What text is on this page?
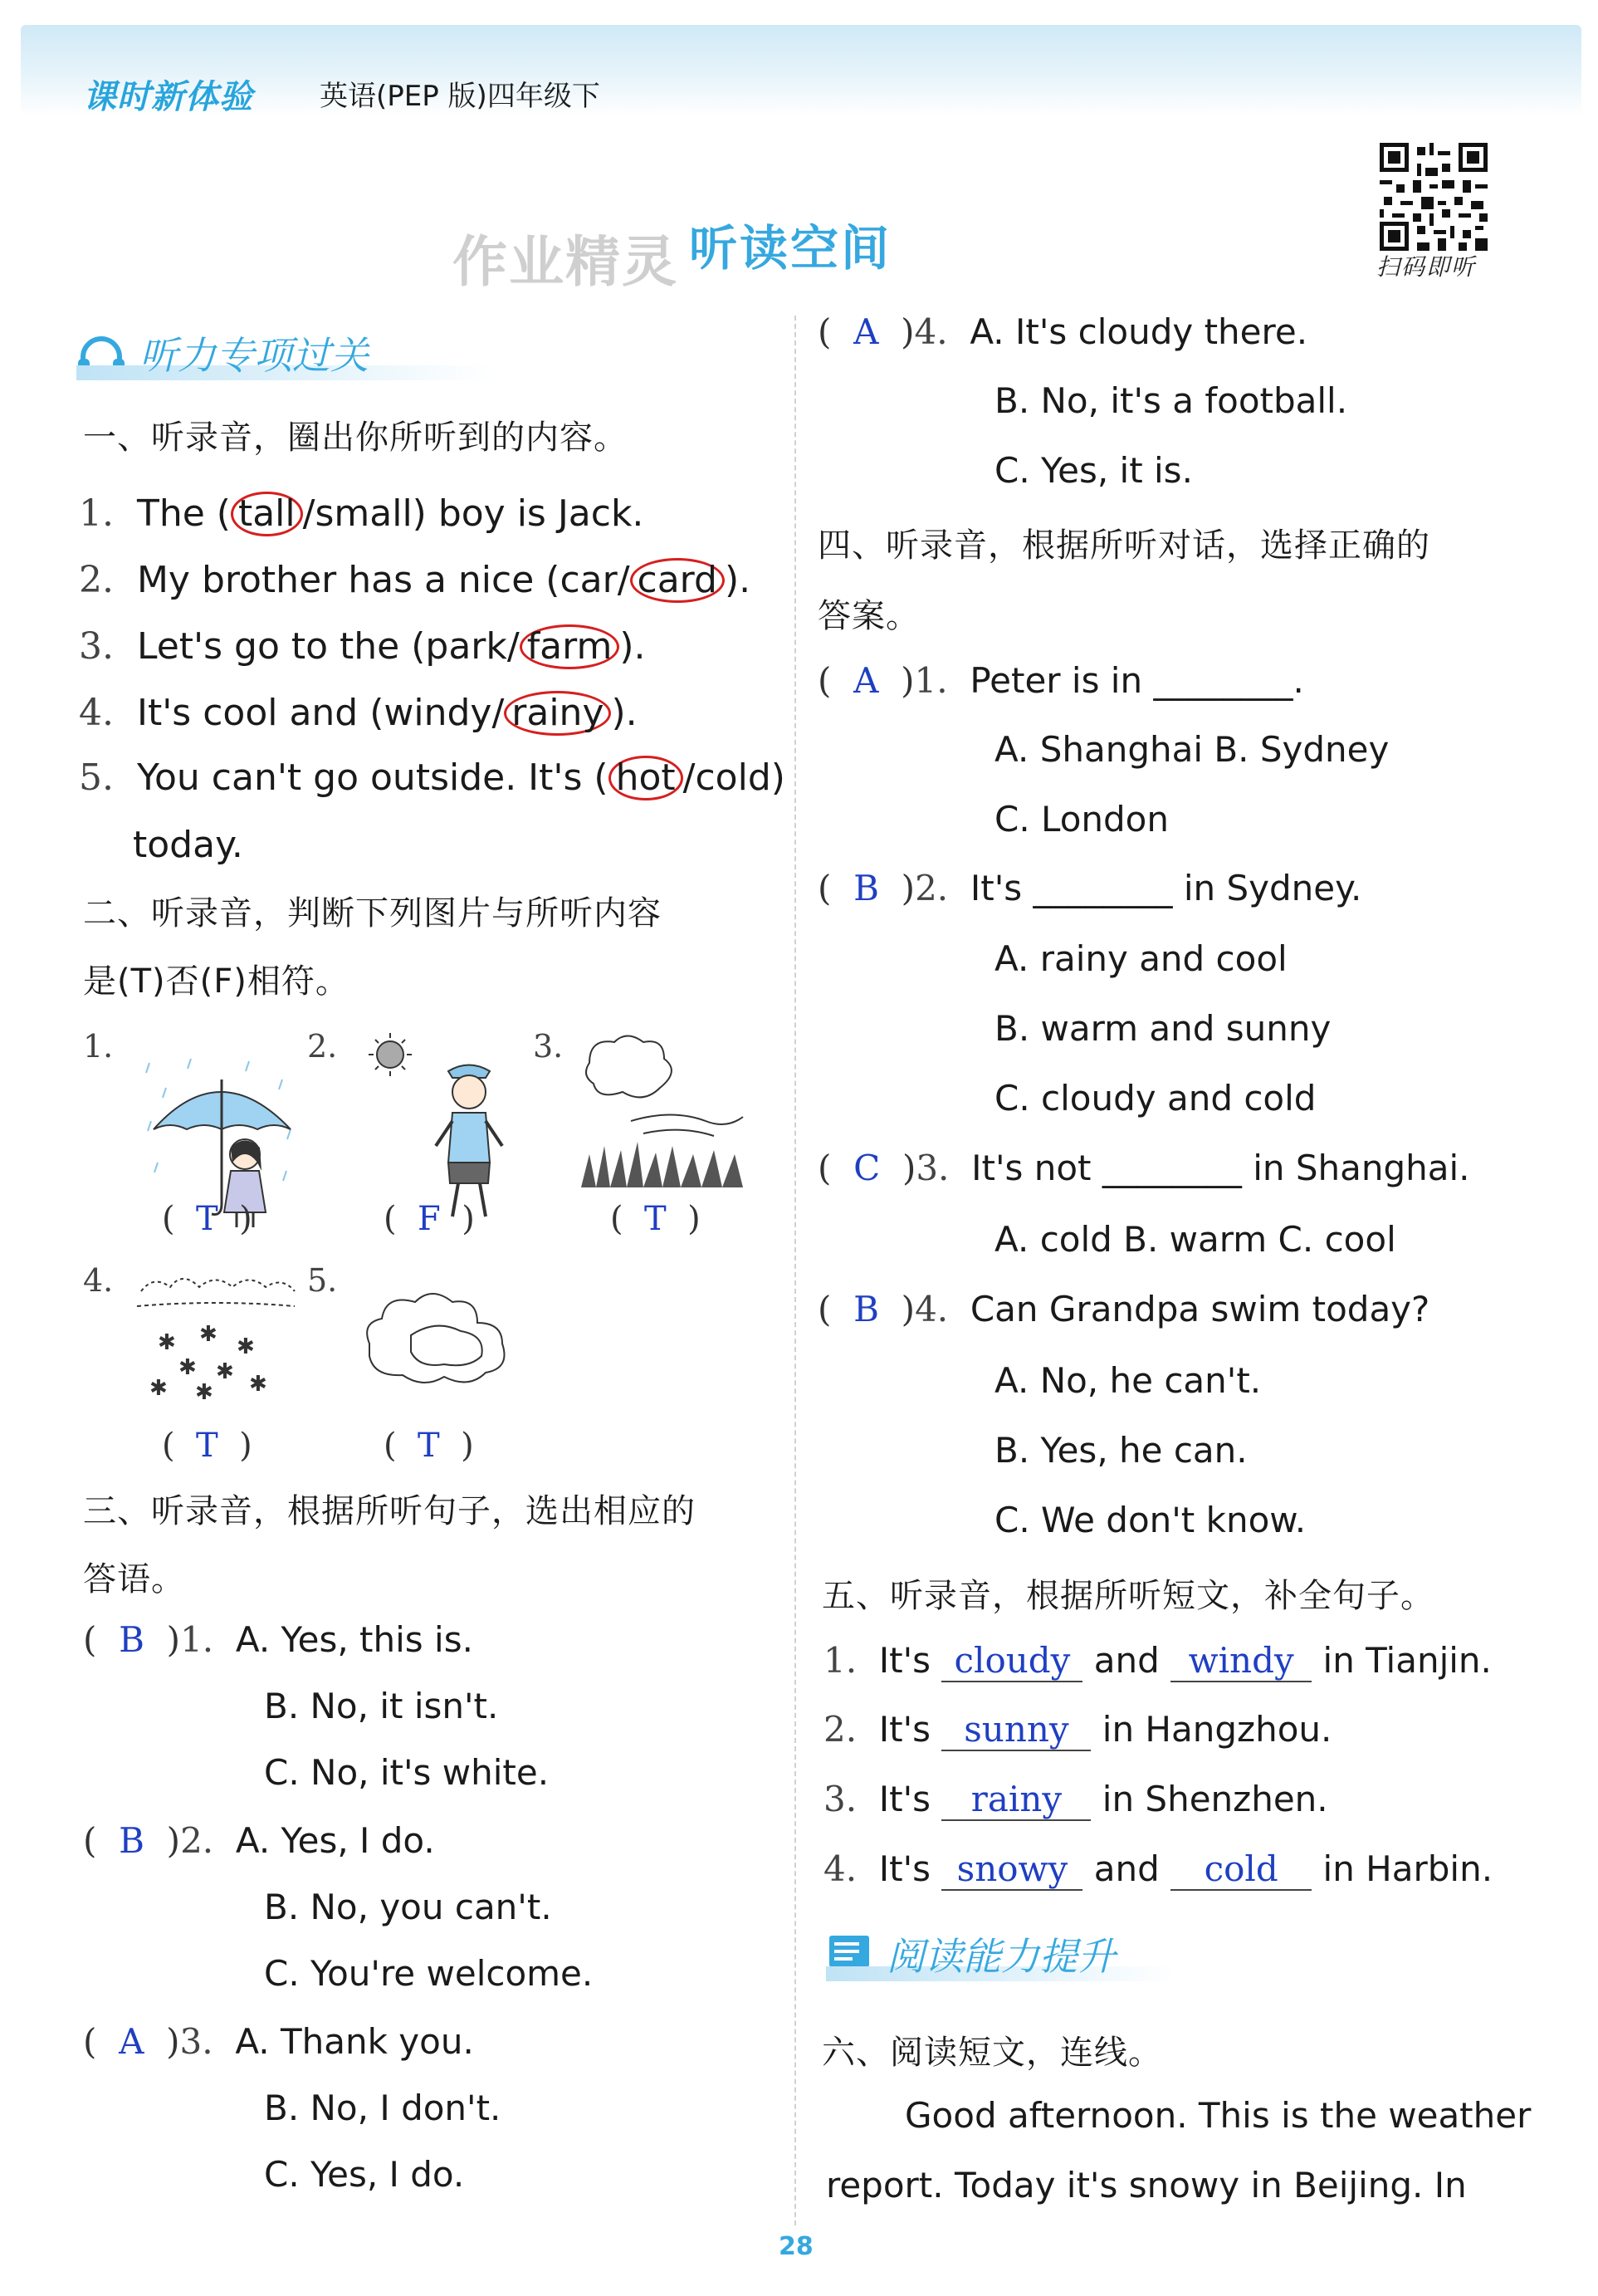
课时新体验 英语(PEP 版)四年级下
作业精灵 听读空间	扫码即听
听力专项过关
一、听录音，圈出你所听到的内容。
1. The ( tall /small) boy is Jack.
2. My brother has a nice (car/ card ).
3. Let's go to the (park/ farm ).
4. It's cool and (windy/ rainy ).
5. You can't go outside. It's ( hot /cold)
today.
二、听录音，判断下列图片与所听内容
是(T)否(F)相符。
1.
( T )
2.
( F )
3.
( T )
4.
✱ ✱ ✱
✱ ✱
✱	✱
✱
( T )
5.
( T )
三、听录音，根据所听句子，选出相应的
答语。
( B )1. A. Yes, this is.
B. No, it isn't.
C. No, it's white.
( B )2. A. Yes, I do.
B. No, you can't.
C. You're welcome.
( A )3. A. Thank you.
B. No, I don't.
C. Yes, I do.
( A )4. A. It's cloudy there.
B. No, it's a football.
C. Yes, it is.
四、听录音，根据所听对话，选择正确的
答案。
( A )1. Peter is in ________.
A. Shanghai B. Sydney
C. London
( B )2. It's ________ in Sydney.
A. rainy and cool
B. warm and sunny
C. cloudy and cold
( C )3. It's not ________ in Shanghai.
A. cold B. warm C. cool
( B )4. Can Grandpa swim today?
A. No, he can't.
B. Yes, he can.
C. We don't know.
五、听录音，根据所听短文，补全句子。
1. It's cloudy and windy in Tianjin.
2. It's sunny in Hangzhou.
3. It's rainy in Shenzhen.
4. It's snowy and cold in Harbin.
阅读能力提升
六、阅读短文，连线。
Good afternoon. This is the weather
report. Today it's snowy in Beijing. In
28
